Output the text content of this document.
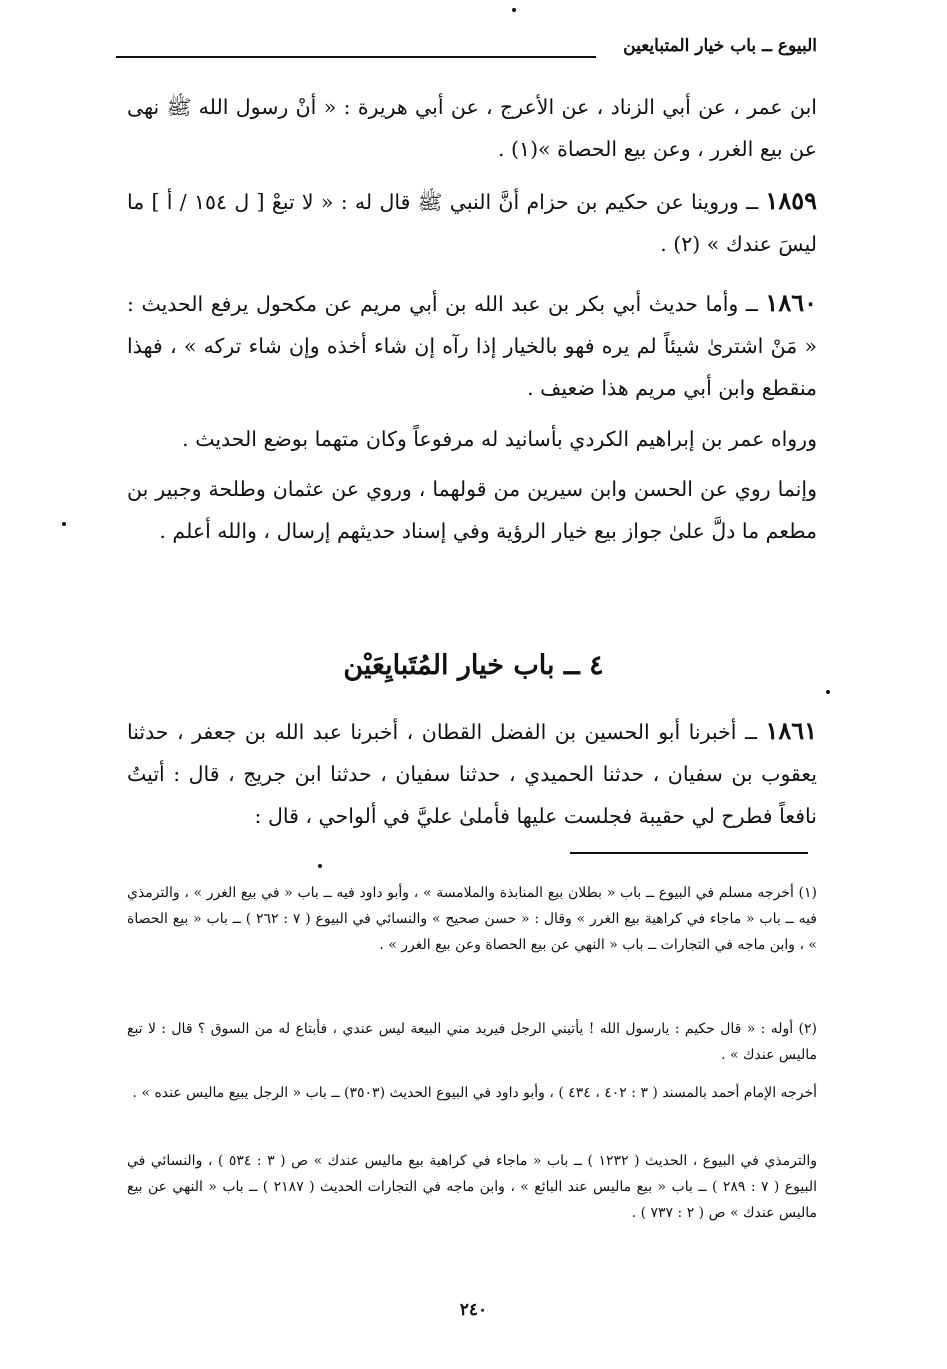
البيوع ــ باب خيار المتبايعين
ابن عمر ، عن أبي الزناد ، عن الأعرج ، عن أبي هريرة : « أنْ رسول الله ﷺ نهى عن بيع الغرر ، وعن بيع الحصاة »(١) .
١٨٥٩ ــ وروينا عن حكيم بن حزام أنَّ النبي ﷺ قال له : « لا تبعْ [ ل ١٥٤ / أ ] ما ليسَ عندك » (٢) .
١٨٦٠ ــ وأما حديث أبي بكر بن عبد الله بن أبي مريم عن مكحول يرفع الحديث : « مَنْ اشترىٰ شيئاً لم يره فهو بالخيار إذا رآه إن شاء أخذه وإن شاء تركه » ، فهذا منقطع وابن أبي مريم هذا ضعيف .
ورواه عمر بن إبراهيم الكردي بأسانيد له مرفوعاً وكان متهما بوضع الحديث .
وإنما روي عن الحسن وابن سيرين من قولهما ، وروي عن عثمان وطلحة وجبير بن مطعم ما دلَّ علىٰ جواز بيع خيار الرؤية وفي إسناد حديثهم إرسال ، والله أعلم .
٤ ــ باب خيار المُتَبايِعَيْن
١٨٦١ ــ أخبرنا أبو الحسين بن الفضل القطان ، أخبرنا عبد الله بن جعفر ، حدثنا يعقوب بن سفيان ، حدثنا الحميدي ، حدثنا سفيان ، حدثنا ابن جريج ، قال : أتيتُ نافعاً فطرح لي حقيبة فجلست عليها فأملىٰ عليَّ في ألواحي ، قال :
(١) أخرجه مسلم في البيوع ــ باب « بطلان بيع المنابذة والملامسة » ، وأبو داود فيه ــ باب « في بيع الغرر » ، والترمذي فيه ــ باب « ماجاء في كراهية بيع الغرر » وقال : « حسن صحيح » والنسائي في البيوع ( ٧ : ٢٦٢ ) ــ باب « بيع الحصاة » ، وابن ماجه في التجارات ــ باب « النهي عن بيع الحصاة وعن بيع الغرر » .
(٢) أوله : « قال حكيم : يارسول الله ! يأتيني الرجل فيريد مني البيعة ليس عندي ، فأبتاع له من السوق ؟ قال : لا تبع ماليس عندك » .
أخرجه الإمام أحمد بالمسند ( ٣ : ٤٠٢ ، ٤٣٤ ) ، وأبو داود في البيوع الحديث (٣٥٠٣) ــ باب « الرجل يبيع ماليس عنده » .
والترمذي في البيوع ، الحديث ( ١٢٣٢ ) ــ باب « ماجاء في كراهية بيع ماليس عندك » ص ( ٣ : ٥٣٤ ) ، والنسائي في البيوع ( ٧ : ٢٨٩ ) ــ باب « بيع ماليس عند البائع » ، وابن ماجه في التجارات الحديث ( ٢١٨٧ ) ــ باب « النهي عن بيع ماليس عندك » ص ( ٢ : ٧٣٧ ) .
٢٤٠
